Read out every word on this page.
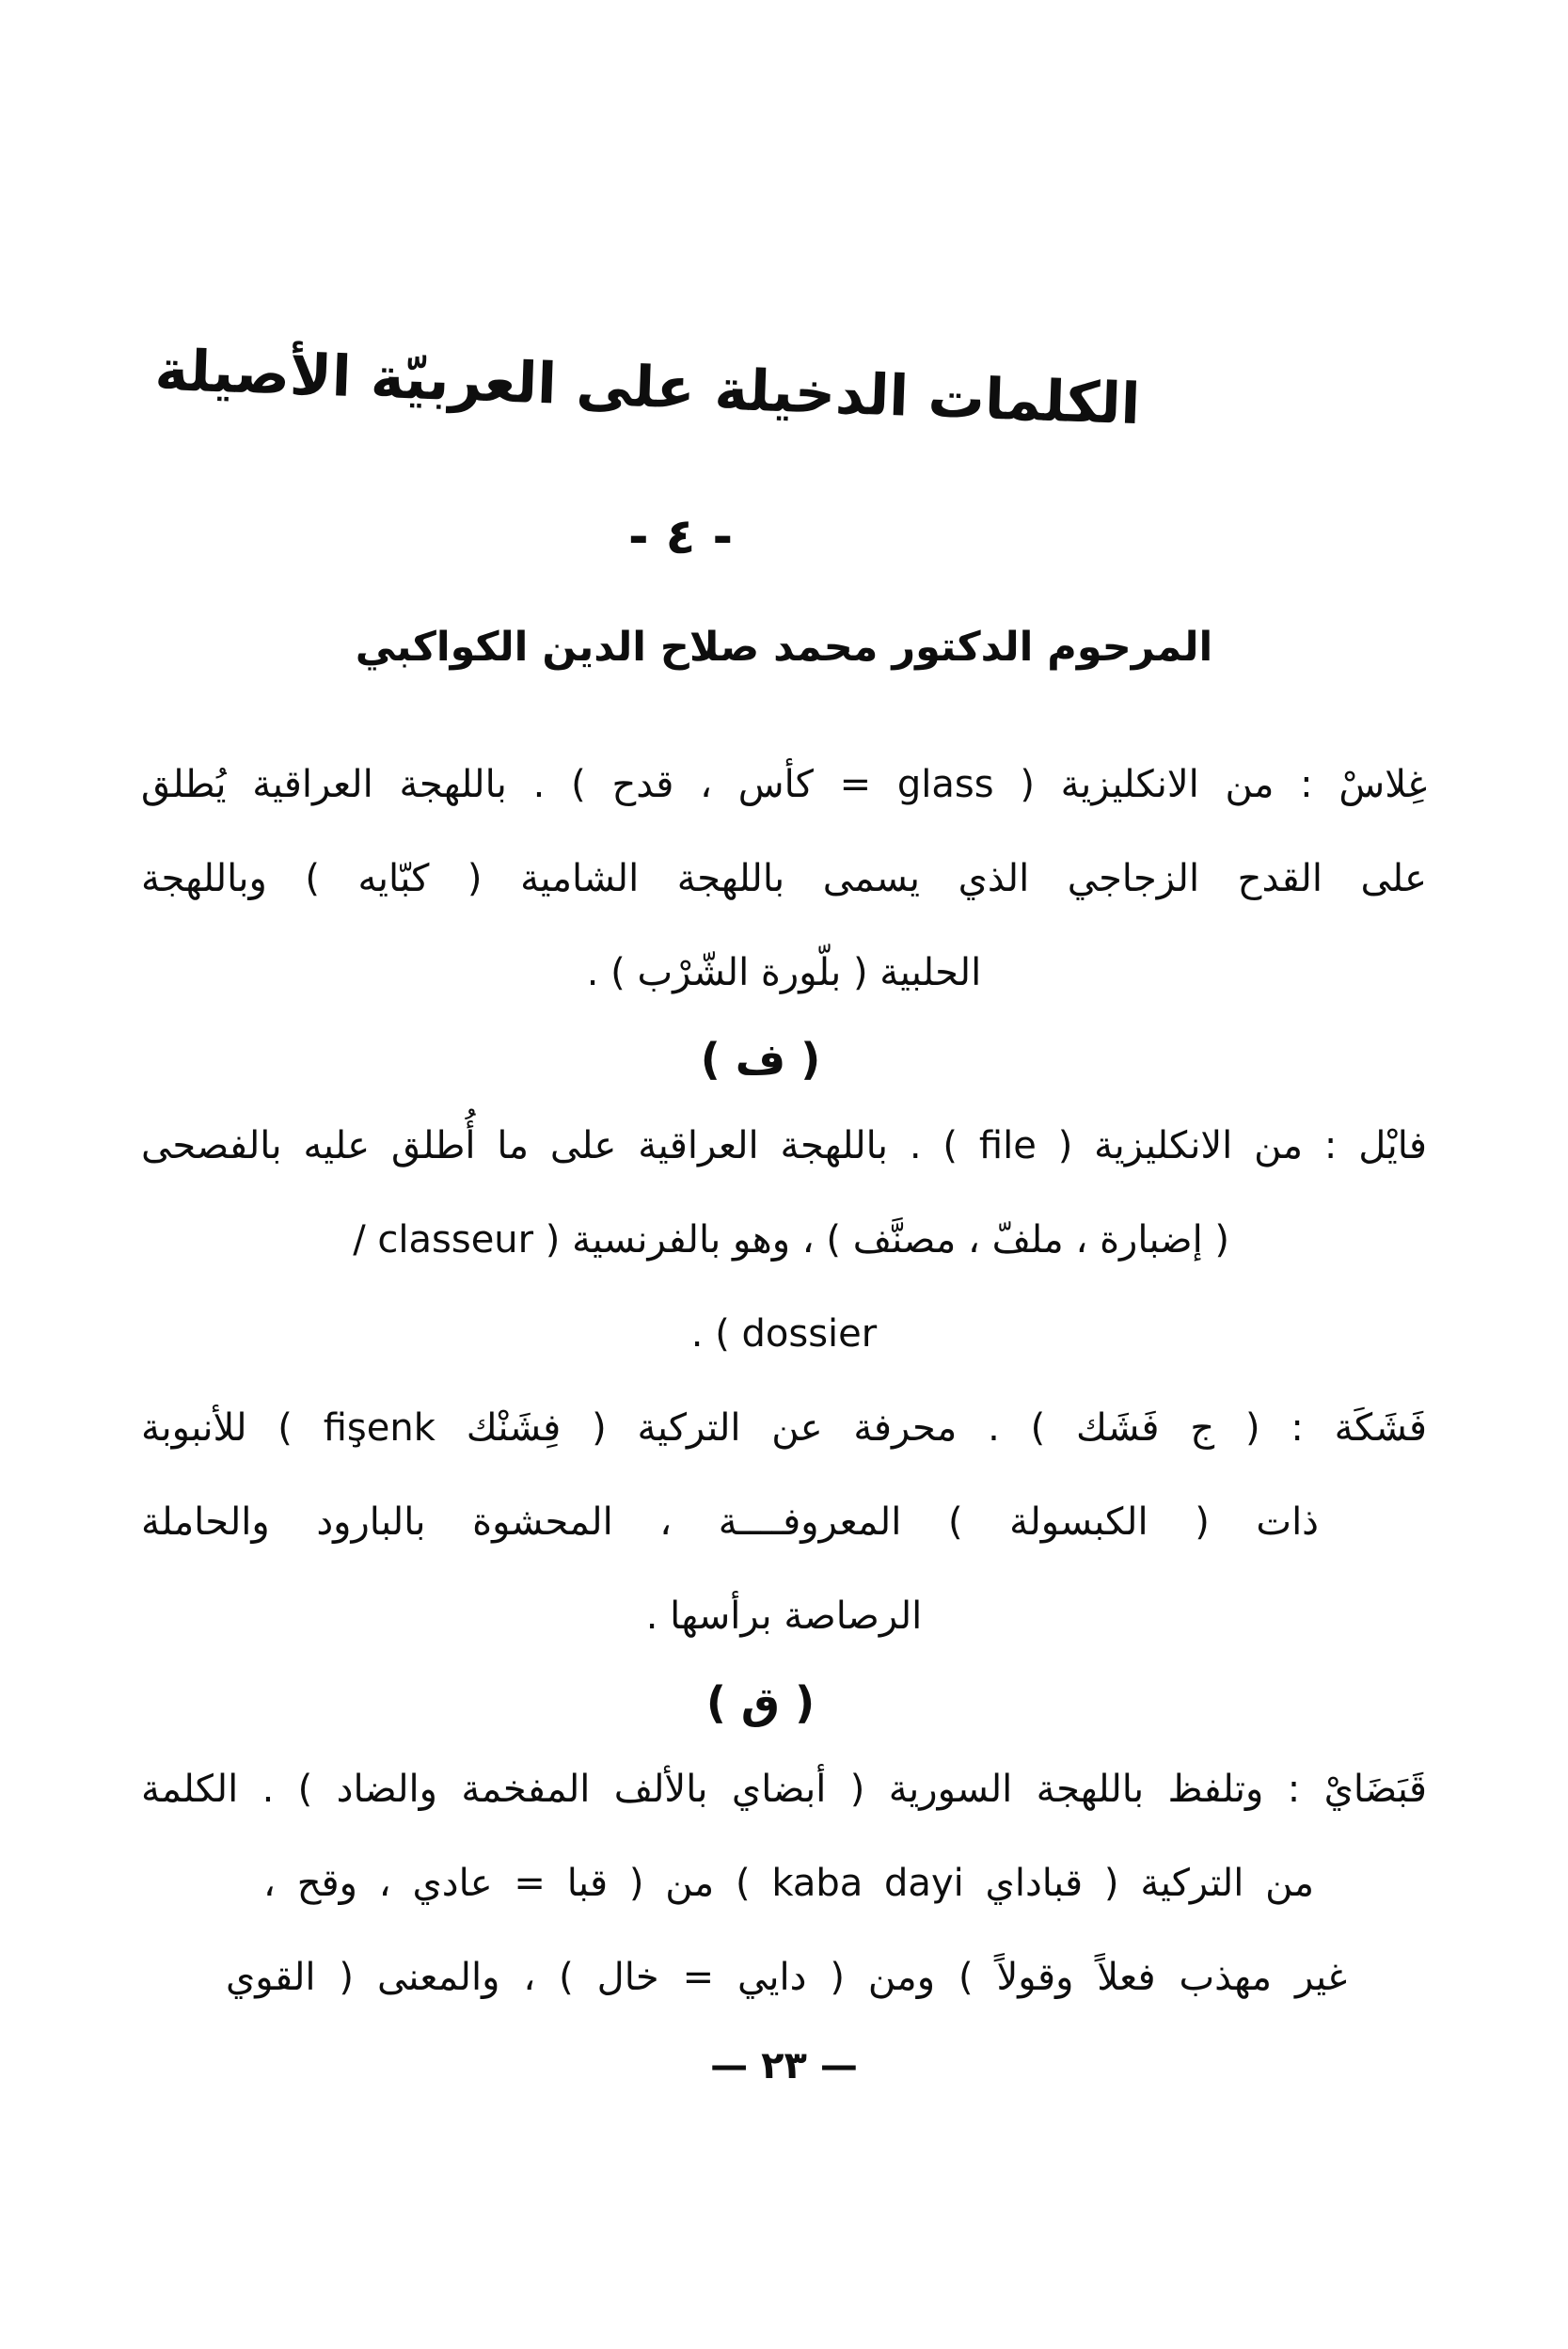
الكلمات الدخيلة على العربيّة الأصيلة
- ٤ -
المرحوم الدكتور محمد صلاح الدين الكواكبي
غِلاسْ : من الانكليزية ( glass = كأس ، قدح ) . باللهجة العراقية يُطلق
على القدح الزجاجي الذي يسمى باللهجة الشامية ( كبّايه ) وباللهجة
الحلبية ( بلّورة الشّرْب ) .
( ف )
فايْل : من الانكليزية ( file ) . باللهجة العراقية على ما أُطلق عليه بالفصحى
( إضبارة ، ملفّ ، مصنَّف ) ، وهو بالفرنسية ( classeur /
dossier ) .
فَشَكَة : ( ج فَشَك ) . محرفة عن التركية ( فِشَنْك fişenk ) للأنبوبة
ذات ( الكبسولة ) المعروفــــة ، المحشوة بالبارود والحاملة
الرصاصة برأسها .
( ق )
قَبَضَايْ : وتلفظ باللهجة السورية ( أبضاي بالألف المفخمة والضاد ) . الكلمة
من التركية ( قباداي kaba dayi ) من ( قبا = عادي ، وقح ،
غير مهذب فعلاً وقولاً ) ومن ( دايي = خال ) ، والمعنى ( القوي
— ٢٣ —
